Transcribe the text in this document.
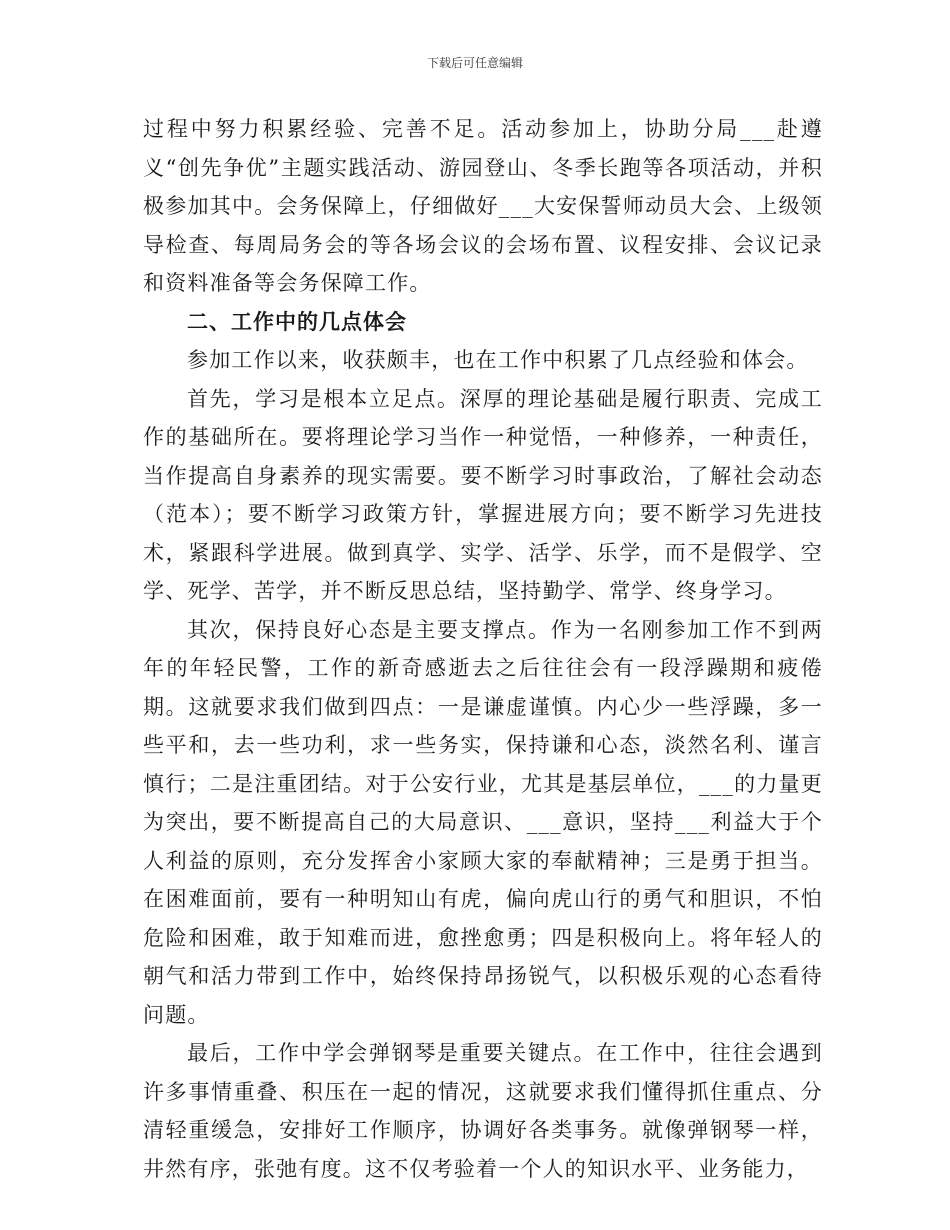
下载后可任意编辑

过程中努力积累经验、完善不足。活动参加上，协助分局___赴遵义“创先争优”主题实践活动、游园登山、冬季长跑等各项活动，并积极参加其中。会务保障上，仔细做好___大安保誓师动员大会、上级领导检查、每周局务会的等各场会议的会场布置、议程安排、会议记录和资料准备等会务保障工作。

二、工作中的几点体会

参加工作以来，收获颇丰，也在工作中积累了几点经验和体会。

首先，学习是根本立足点。深厚的理论基础是履行职责、完成工作的基础所在。要将理论学习当作一种觉悟，一种修养，一种责任，当作提高自身素养的现实需要。要不断学习时事政治，了解社会动态（范本）；要不断学习政策方针，掌握进展方向；要不断学习先进技术，紧跟科学进展。做到真学、实学、活学、乐学，而不是假学、空学、死学、苦学，并不断反思总结，坚持勤学、常学、终身学习。

其次，保持良好心态是主要支撑点。作为一名刚参加工作不到两年的年轻民警，工作的新奇感逝去之后往往会有一段浮躁期和疲倦期。这就要求我们做到四点：一是谦虚谨慎。内心少一些浮躁，多一些平和，去一些功利，求一些务实，保持谦和心态，淡然名利、谨言慎行；二是注重团结。对于公安行业，尤其是基层单位，___的力量更为突出，要不断提高自己的大局意识、___意识，坚持___利益大于个人利益的原则，充分发挥舍小家顾大家的奉献精神；三是勇于担当。在困难面前，要有一种明知山有虎，偏向虎山行的勇气和胆识，不怕危险和困难，敢于知难而进，愈挫愈勇；四是积极向上。将年轻人的朝气和活力带到工作中，始终保持昂扬锐气，以积极乐观的心态看待问题。

最后，工作中学会弹钢琴是重要关键点。在工作中，往往会遇到许多事情重叠、积压在一起的情况，这就要求我们懂得抓住重点、分清轻重缓急，安排好工作顺序，协调好各类事务。就像弹钢琴一样，井然有序，张弛有度。这不仅考验着一个人的知识水平、业务能力，
